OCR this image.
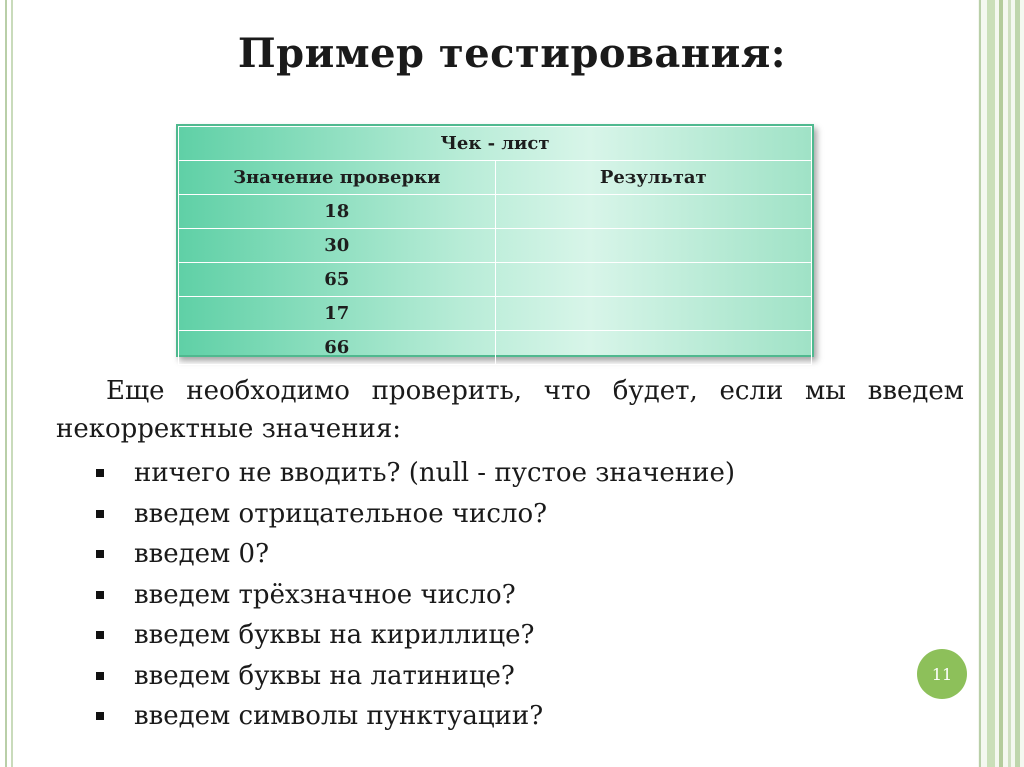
Пример тестирования:
Чек - лист	
Значение проверки	Результат
18	
30	
65	
17	
66	
Еще необходимо проверить, что будет, если мы введем некорректные значения:
ничего не вводить? (null - пустое значение)
введем отрицательное число?
введем 0?
введем трёхзначное число?
введем буквы на кириллице?
введем буквы на латинице?
введем символы пунктуации?
11
